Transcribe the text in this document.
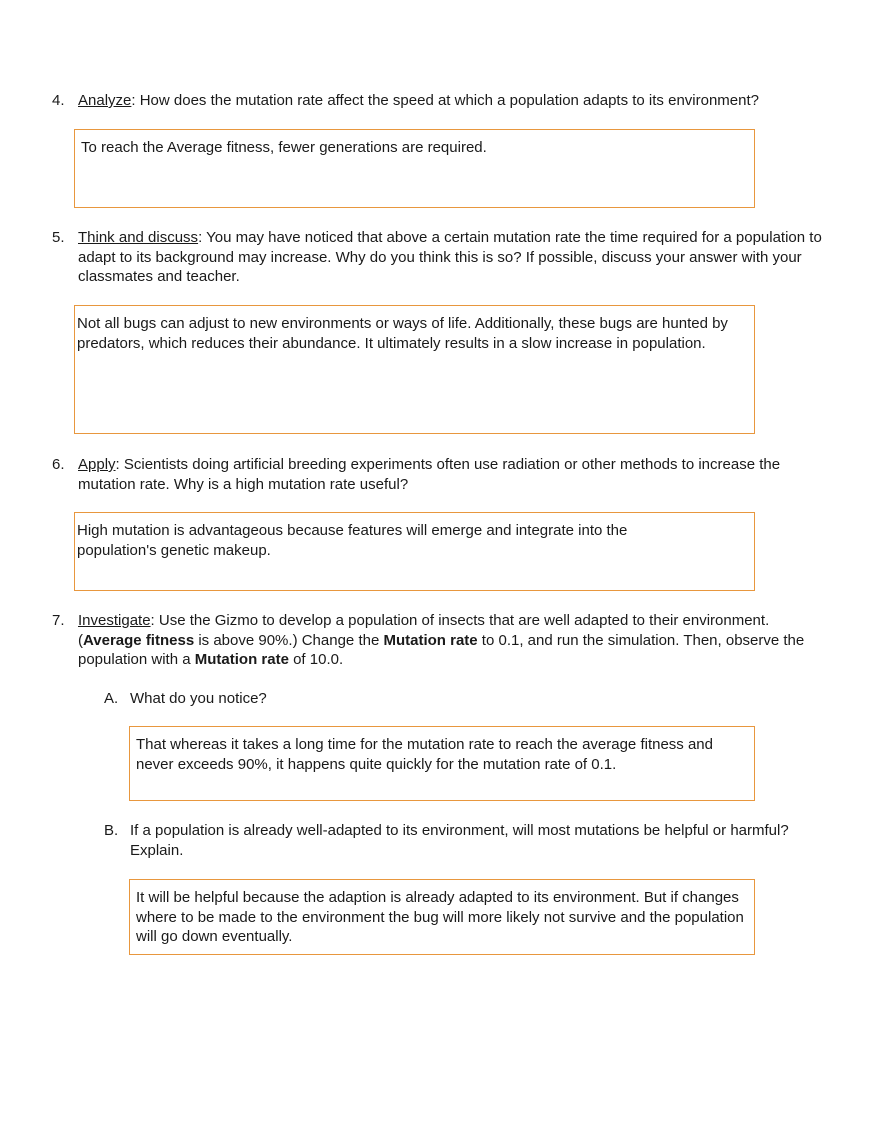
4. Analyze: How does the mutation rate affect the speed at which a population adapts to its environment?
To reach the Average fitness, fewer generations are required.
5. Think and discuss: You may have noticed that above a certain mutation rate the time required for a population to adapt to its background may increase. Why do you think this is so? If possible, discuss your answer with your classmates and teacher.
Not all bugs can adjust to new environments or ways of life. Additionally, these bugs are hunted by predators, which reduces their abundance. It ultimately results in a slow increase in population.
6. Apply: Scientists doing artificial breeding experiments often use radiation or other methods to increase the mutation rate. Why is a high mutation rate useful?
High mutation is advantageous because features will emerge and integrate into the population's genetic makeup.
7. Investigate: Use the Gizmo to develop a population of insects that are well adapted to their environment. (Average fitness is above 90%.) Change the Mutation rate to 0.1, and run the simulation. Then, observe the population with a Mutation rate of 10.0.
A. What do you notice?
That whereas it takes a long time for the mutation rate to reach the average fitness and never exceeds 90%, it happens quite quickly for the mutation rate of 0.1.
B. If a population is already well-adapted to its environment, will most mutations be helpful or harmful? Explain.
It will be helpful because the adaption is already adapted to its environment. But if changes where to be made to the environment the bug will more likely not survive and the population will go down eventually.
